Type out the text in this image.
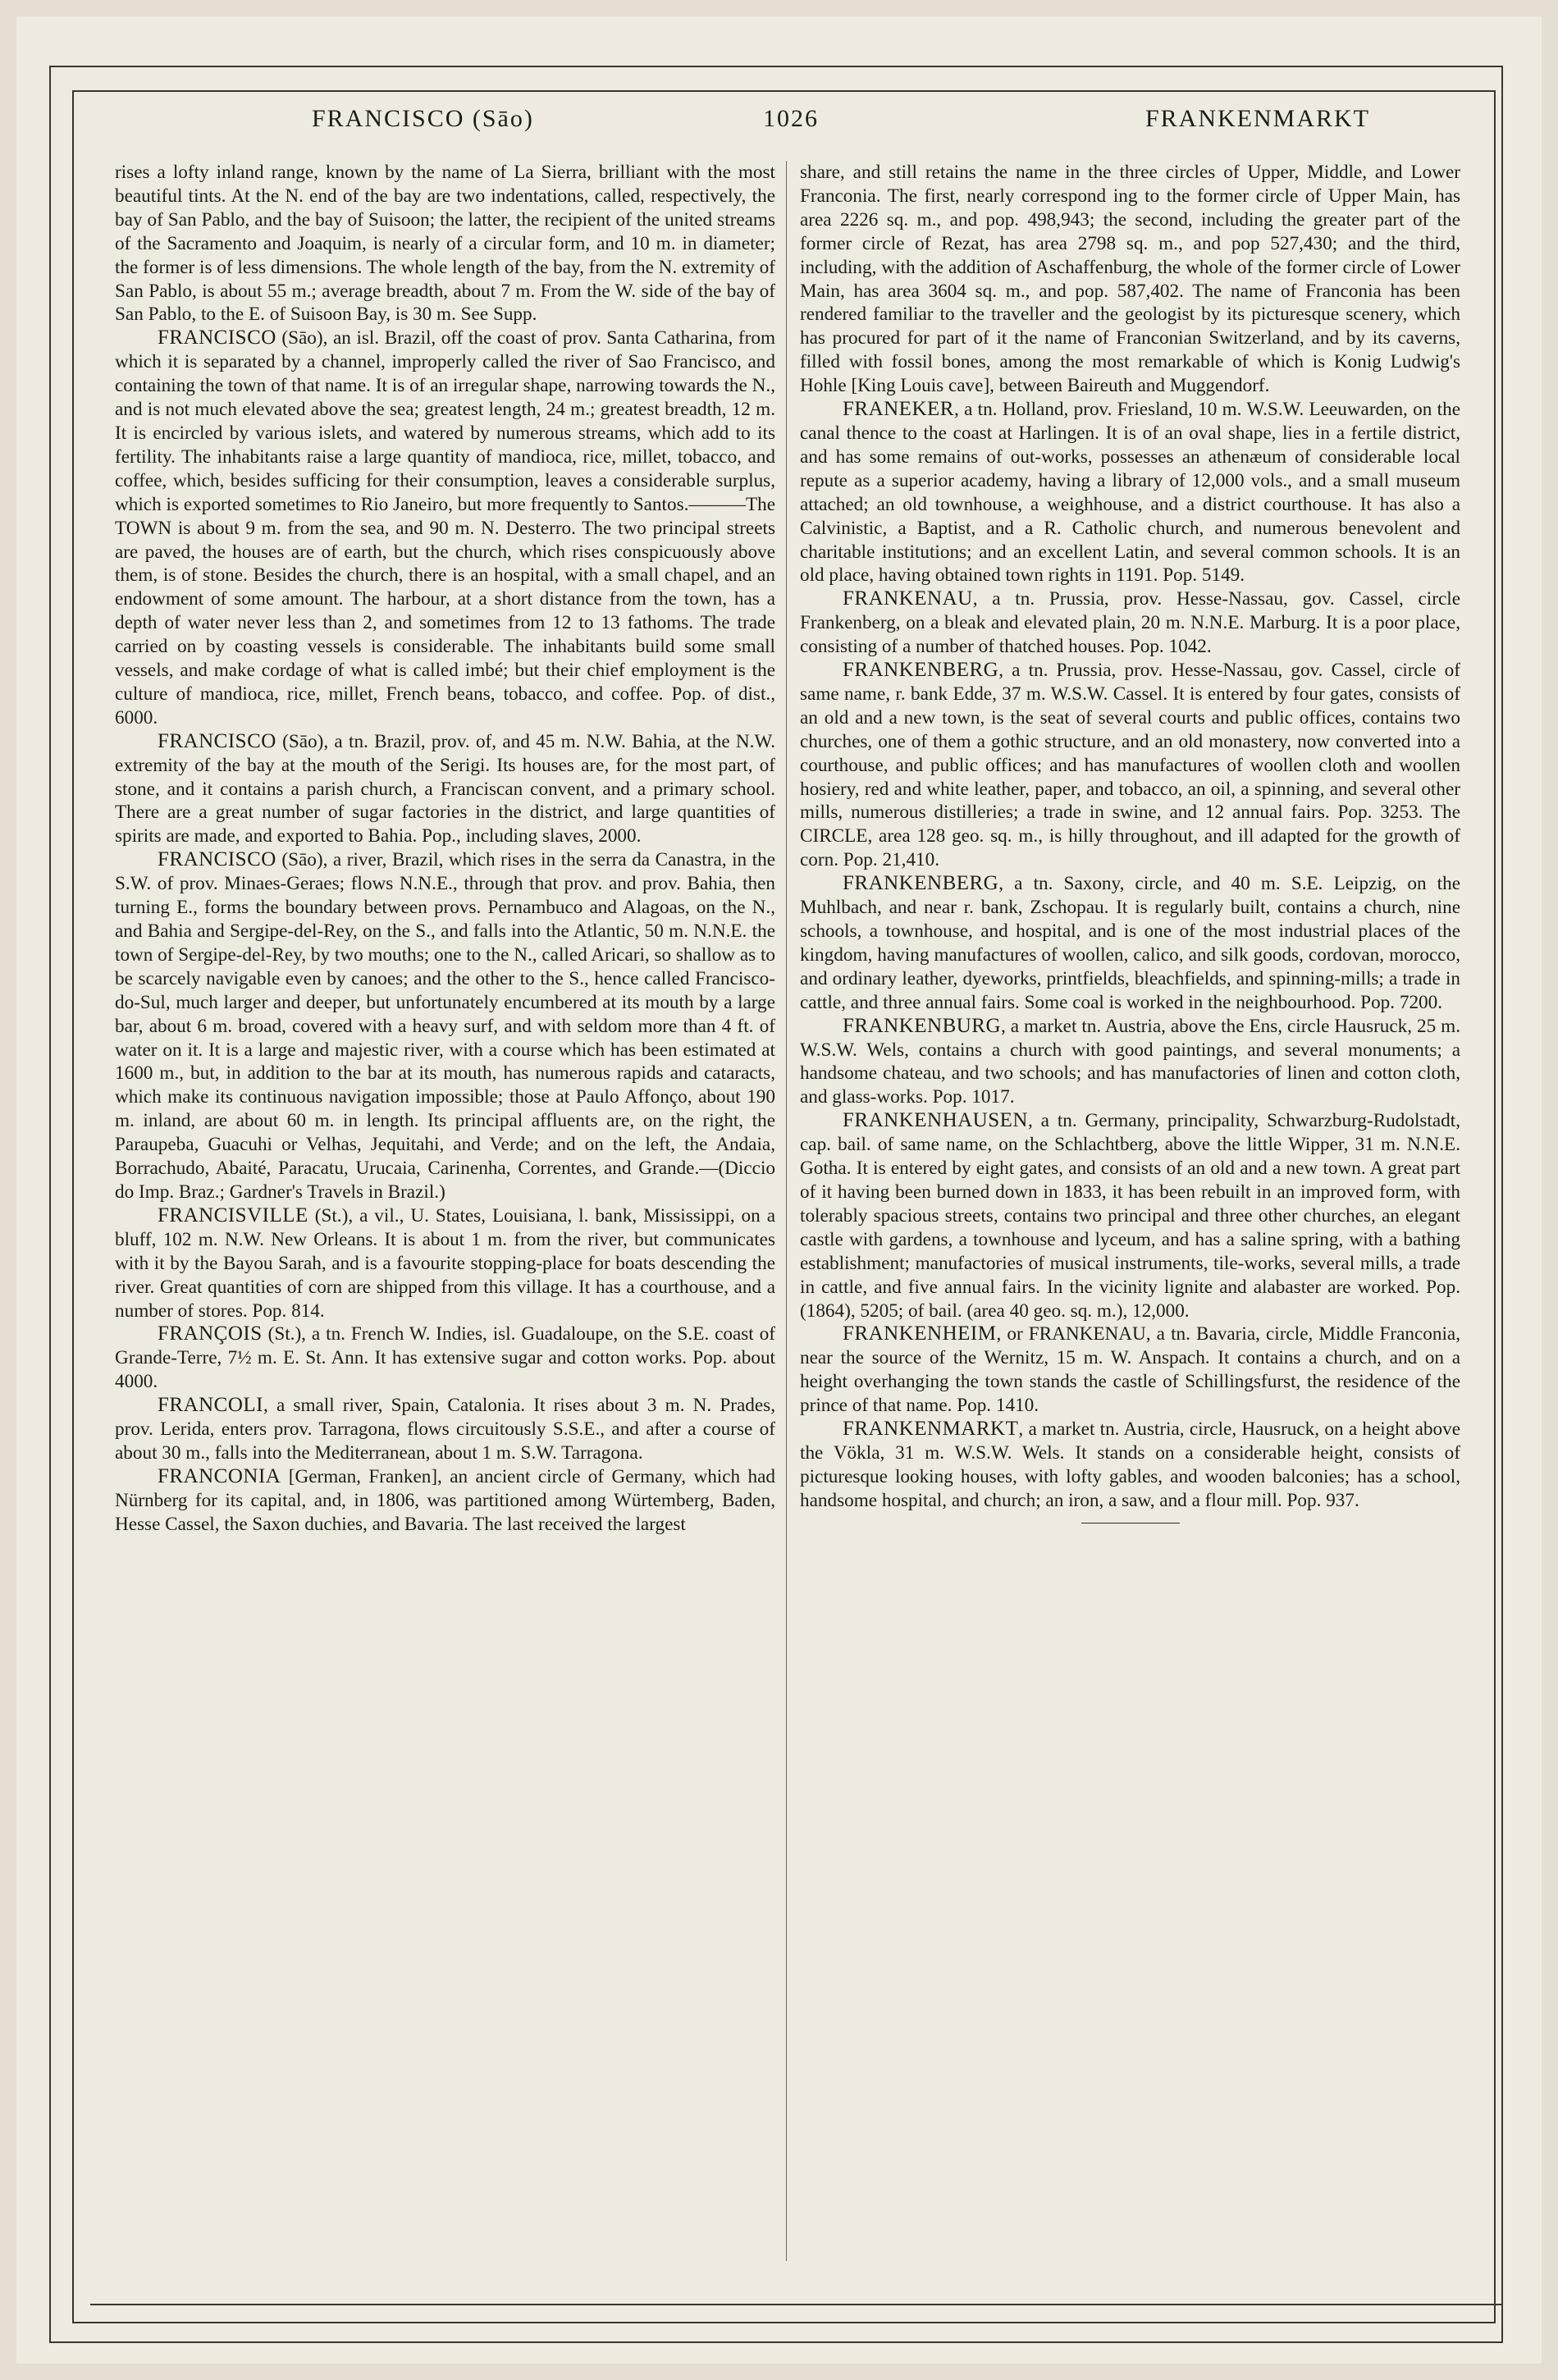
FRANCISCO (Sāo)	1026	FRANKENMARKT

rises a lofty inland range, known by the name of La Sierra, brilliant with the most beautiful tints. At the N. end of the bay are two indentations, called, respectively, the bay of San Pablo, and the bay of Suisoon; the latter, the recipient of the united streams of the Sacramento and Joaquim, is nearly of a circular form, and 10 m. in diameter; the former is of less dimensions. The whole length of the bay, from the N. extremity of San Pablo, is about 55 m.; average breadth, about 7 m. From the W. side of the bay of San Pablo, to the E. of Suisoon Bay, is 30 m. See Supp.

FRANCISCO (Sāo), an isl. Brazil, off the coast of prov. Santa Catharina, from which it is separated by a channel, improperly called the river of Sao Francisco, and containing the town of that name. It is of an irregular shape, narrowing towards the N., and is not much elevated above the sea; greatest length, 24 m.; greatest breadth, 12 m. It is encircled by various islets, and watered by numerous streams, which add to its fertility. The inhabitants raise a large quantity of mandioca, rice, millet, tobacco, and coffee, which, besides sufficing for their consumption, leaves a considerable surplus, which is exported sometimes to Rio Janeiro, but more frequently to Santos.———The TOWN is about 9 m. from the sea, and 90 m. N. Desterro. The two principal streets are paved, the houses are of earth, but the church, which rises conspicuously above them, is of stone. Besides the church, there is an hospital, with a small chapel, and an endowment of some amount. The harbour, at a short distance from the town, has a depth of water never less than 2, and sometimes from 12 to 13 fathoms. The trade carried on by coasting vessels is considerable. The inhabitants build some small vessels, and make cordage of what is called imbé; but their chief employment is the culture of mandioca, rice, millet, French beans, tobacco, and coffee. Pop. of dist., 6000.

FRANCISCO (Sāo), a tn. Brazil, prov. of, and 45 m. N.W. Bahia, at the N.W. extremity of the bay at the mouth of the Serigi. Its houses are, for the most part, of stone, and it contains a parish church, a Franciscan convent, and a primary school. There are a great number of sugar factories in the district, and large quantities of spirits are made, and exported to Bahia. Pop., including slaves, 2000.

FRANCISCO (Sāo), a river, Brazil, which rises in the serra da Canastra, in the S.W. of prov. Minaes-Geraes; flows N.N.E., through that prov. and prov. Bahia, then turning E., forms the boundary between provs. Pernambuco and Alagoas, on the N., and Bahia and Sergipe-del-Rey, on the S., and falls into the Atlantic, 50 m. N.N.E. the town of Sergipe-del-Rey, by two mouths; one to the N., called Aricari, so shallow as to be scarcely navigable even by canoes; and the other to the S., hence called Francisco-do-Sul, much larger and deeper, but unfortunately encumbered at its mouth by a large bar, about 6 m. broad, covered with a heavy surf, and with seldom more than 4 ft. of water on it. It is a large and majestic river, with a course which has been estimated at 1600 m., but, in addition to the bar at its mouth, has numerous rapids and cataracts, which make its continuous navigation impossible; those at Paulo Affonço, about 190 m. inland, are about 60 m. in length. Its principal affluents are, on the right, the Paraupeba, Guacuhi or Velhas, Jequitahi, and Verde; and on the left, the Andaia, Borrachudo, Abaité, Paracatu, Urucaia, Carinenha, Correntes, and Grande.—(Diccio do Imp. Braz.; Gardner's Travels in Brazil.)

FRANCISVILLE (St.), a vil., U. States, Louisiana, l. bank, Mississippi, on a bluff, 102 m. N.W. New Orleans. It is about 1 m. from the river, but communicates with it by the Bayou Sarah, and is a favourite stopping-place for boats descending the river. Great quantities of corn are shipped from this village. It has a courthouse, and a number of stores. Pop. 814.

FRANÇOIS (St.), a tn. French W. Indies, isl. Guadaloupe, on the S.E. coast of Grande-Terre, 7½ m. E. St. Ann. It has extensive sugar and cotton works. Pop. about 4000.

FRANCOLI, a small river, Spain, Catalonia. It rises about 3 m. N. Prades, prov. Lerida, enters prov. Tarragona, flows circuitously S.S.E., and after a course of about 30 m., falls into the Mediterranean, about 1 m. S.W. Tarragona.

FRANCONIA [German, Franken], an ancient circle of Germany, which had Nürnberg for its capital, and, in 1806, was partitioned among Würtemberg, Baden, Hesse Cassel, the Saxon duchies, and Bavaria. The last received the largest

share, and still retains the name in the three circles of Upper, Middle, and Lower Franconia. The first, nearly correspond ing to the former circle of Upper Main, has area 2226 sq. m., and pop. 498,943; the second, including the greater part of the former circle of Rezat, has area 2798 sq. m., and pop 527,430; and the third, including, with the addition of Aschaffenburg, the whole of the former circle of Lower Main, has area 3604 sq. m., and pop. 587,402. The name of Franconia has been rendered familiar to the traveller and the geologist by its picturesque scenery, which has procured for part of it the name of Franconian Switzerland, and by its caverns, filled with fossil bones, among the most remarkable of which is Konig Ludwig's Hohle [King Louis cave], between Baireuth and Muggendorf.

FRANEKER, a tn. Holland, prov. Friesland, 10 m. W.S.W. Leeuwarden, on the canal thence to the coast at Harlingen. It is of an oval shape, lies in a fertile district, and has some remains of out-works, possesses an athenæum of considerable local repute as a superior academy, having a library of 12,000 vols., and a small museum attached; an old townhouse, a weighhouse, and a district courthouse. It has also a Calvinistic, a Baptist, and a R. Catholic church, and numerous benevolent and charitable institutions; and an excellent Latin, and several common schools. It is an old place, having obtained town rights in 1191. Pop. 5149.

FRANKENAU, a tn. Prussia, prov. Hesse-Nassau, gov. Cassel, circle Frankenberg, on a bleak and elevated plain, 20 m. N.N.E. Marburg. It is a poor place, consisting of a number of thatched houses. Pop. 1042.

FRANKENBERG, a tn. Prussia, prov. Hesse-Nassau, gov. Cassel, circle of same name, r. bank Edde, 37 m. W.S.W. Cassel. It is entered by four gates, consists of an old and a new town, is the seat of several courts and public offices, contains two churches, one of them a gothic structure, and an old monastery, now converted into a courthouse, and public offices; and has manufactures of woollen cloth and woollen hosiery, red and white leather, paper, and tobacco, an oil, a spinning, and several other mills, numerous distilleries; a trade in swine, and 12 annual fairs. Pop. 3253. The CIRCLE, area 128 geo. sq. m., is hilly throughout, and ill adapted for the growth of corn. Pop. 21,410.

FRANKENBERG, a tn. Saxony, circle, and 40 m. S.E. Leipzig, on the Muhlbach, and near r. bank, Zschopau. It is regularly built, contains a church, nine schools, a townhouse, and hospital, and is one of the most industrial places of the kingdom, having manufactures of woollen, calico, and silk goods, cordovan, morocco, and ordinary leather, dyeworks, printfields, bleachfields, and spinning-mills; a trade in cattle, and three annual fairs. Some coal is worked in the neighbourhood. Pop. 7200.

FRANKENBURG, a market tn. Austria, above the Ens, circle Hausruck, 25 m. W.S.W. Wels, contains a church with good paintings, and several monuments; a handsome chateau, and two schools; and has manufactories of linen and cotton cloth, and glass-works. Pop. 1017.

FRANKENHAUSEN, a tn. Germany, principality, Schwarzburg-Rudolstadt, cap. bail. of same name, on the Schlachtberg, above the little Wipper, 31 m. N.N.E. Gotha. It is entered by eight gates, and consists of an old and a new town. A great part of it having been burned down in 1833, it has been rebuilt in an improved form, with tolerably spacious streets, contains two principal and three other churches, an elegant castle with gardens, a townhouse and lyceum, and has a saline spring, with a bathing establishment; manufactories of musical instruments, tile-works, several mills, a trade in cattle, and five annual fairs. In the vicinity lignite and alabaster are worked. Pop. (1864), 5205; of bail. (area 40 geo. sq. m.), 12,000.

FRANKENHEIM, or FRANKENAU, a tn. Bavaria, circle, Middle Franconia, near the source of the Wernitz, 15 m. W. Anspach. It contains a church, and on a height overhanging the town stands the castle of Schillingsfurst, the residence of the prince of that name. Pop. 1410.

FRANKENMARKT, a market tn. Austria, circle, Hausruck, on a height above the Vökla, 31 m. W.S.W. Wels. It stands on a considerable height, consists of picturesque looking houses, with lofty gables, and wooden balconies; has a school, handsome hospital, and church; an iron, a saw, and a flour mill. Pop. 937.
